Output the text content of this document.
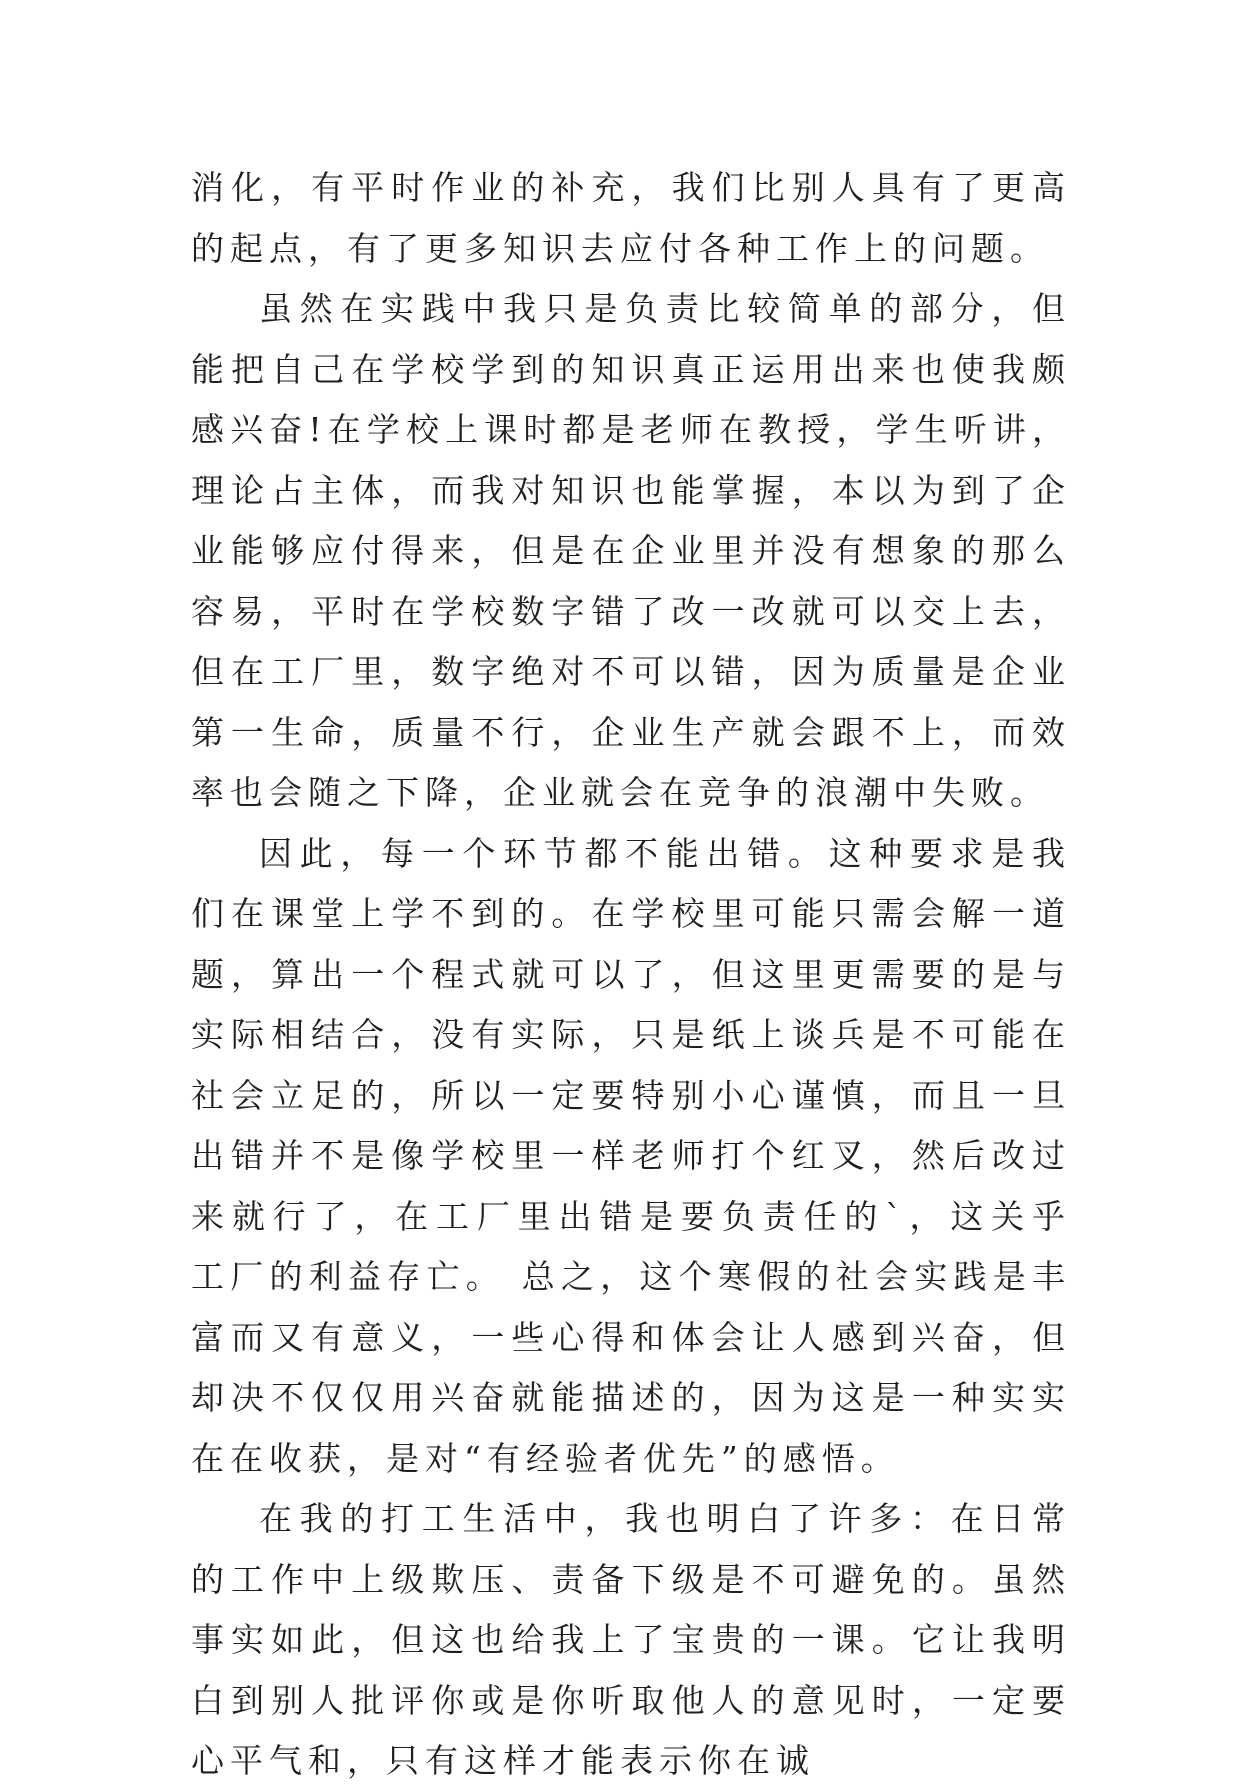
消化，有平时作业的补充，我们比别人具有了更高的起点，有了更多知识去应付各种工作上的问题。

虽然在实践中我只是负责比较简单的部分，但能把自己在学校学到的知识真正运用出来也使我颇感兴奋!在学校上课时都是老师在教授，学生听讲，理论占主体，而我对知识也能掌握，本以为到了企业能够应付得来，但是在企业里并没有想象的那么容易，平时在学校数字错了改一改就可以交上去，但在工厂里，数字绝对不可以错，因为质量是企业第一生命，质量不行，企业生产就会跟不上，而效率也会随之下降，企业就会在竞争的浪潮中失败。

因此，每一个环节都不能出错。这种要求是我们在课堂上学不到的。在学校里可能只需会解一道题，算出一个程式就可以了，但这里更需要的是与实际相结合，没有实际，只是纸上谈兵是不可能在社会立足的，所以一定要特别小心谨慎，而且一旦出错并不是像学校里一样老师打个红叉，然后改过来就行了，在工厂里出错是要负责任的`，这关乎工厂的利益存亡。 总之，这个寒假的社会实践是丰富而又有意义，一些心得和体会让人感到兴奋，但却决不仅仅用兴奋就能描述的，因为这是一种实实在在收获，是对“有经验者优先”的感悟。

在我的打工生活中，我也明白了许多：在日常的工作中上级欺压、责备下级是不可避免的。虽然事实如此，但这也给我上了宝贵的一课。它让我明白到别人批评你或是你听取他人的意见时，一定要心平气和，只有这样才能表示你在诚
